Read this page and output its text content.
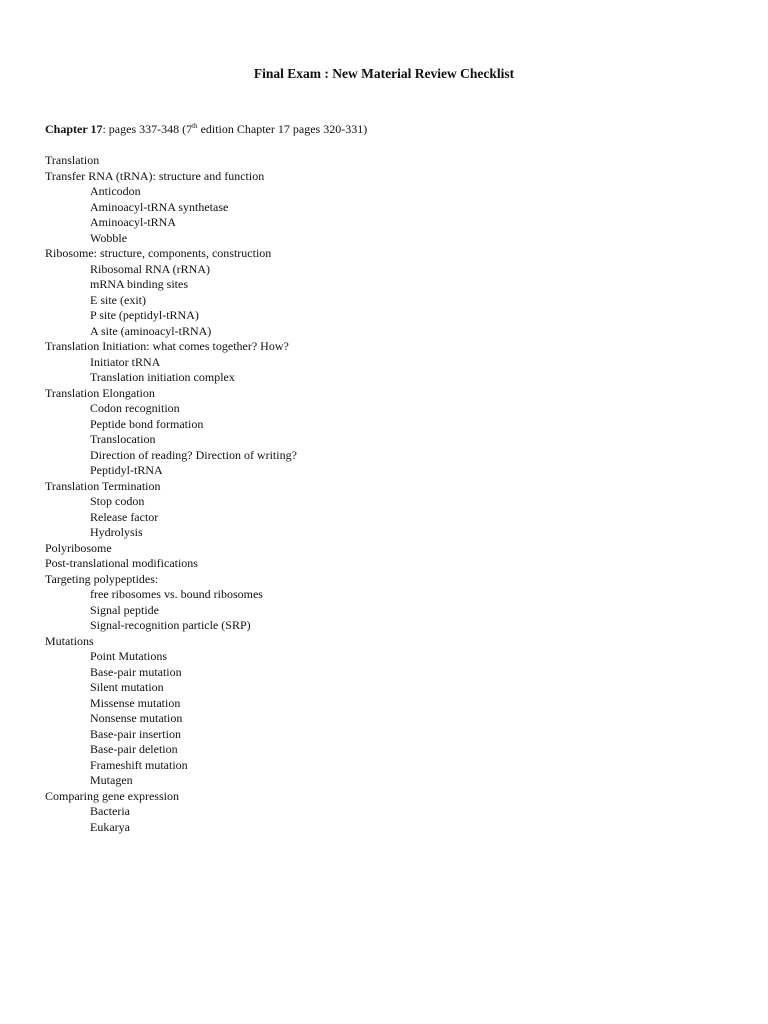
Final Exam : New Material Review Checklist
Chapter 17: pages 337-348 (7th edition Chapter 17 pages 320-331)
Translation
Transfer RNA (tRNA): structure and function
Anticodon
Aminoacyl-tRNA synthetase
Aminoacyl-tRNA
Wobble
Ribosome: structure, components, construction
Ribosomal RNA (rRNA)
mRNA binding sites
E site (exit)
P site (peptidyl-tRNA)
A site (aminoacyl-tRNA)
Translation Initiation: what comes together? How?
Initiator tRNA
Translation initiation complex
Translation Elongation
Codon recognition
Peptide bond formation
Translocation
Direction of reading? Direction of writing?
Peptidyl-tRNA
Translation Termination
Stop codon
Release factor
Hydrolysis
Polyribosome
Post-translational modifications
Targeting polypeptides:
free ribosomes vs. bound ribosomes
Signal peptide
Signal-recognition particle (SRP)
Mutations
Point Mutations
Base-pair mutation
Silent mutation
Missense mutation
Nonsense mutation
Base-pair insertion
Base-pair deletion
Frameshift mutation
Mutagen
Comparing gene expression
Bacteria
Eukarya
